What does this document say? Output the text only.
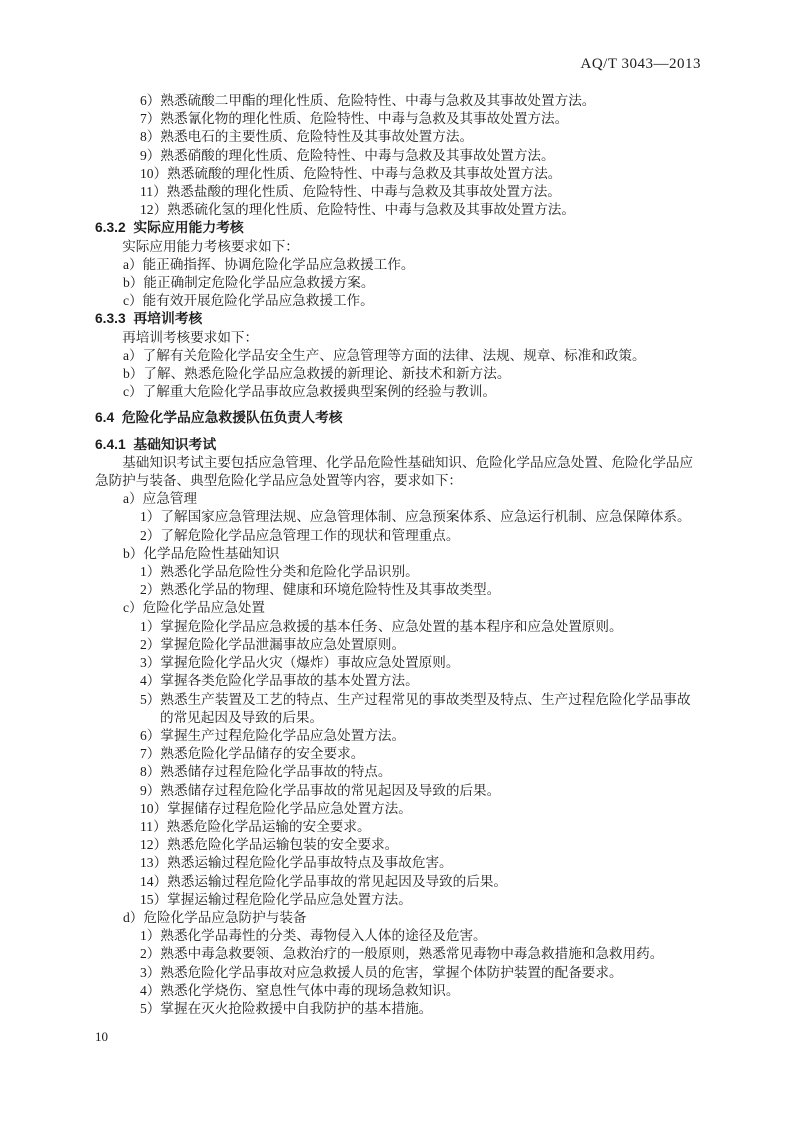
AQ/T 3043—2013
6）熟悉硫酸二甲酯的理化性质、危险特性、中毒与急救及其事故处置方法。
7）熟悉氰化物的理化性质、危险特性、中毒与急救及其事故处置方法。
8）熟悉电石的主要性质、危险特性及其事故处置方法。
9）熟悉硝酸的理化性质、危险特性、中毒与急救及其事故处置方法。
10）熟悉硫酸的理化性质、危险特性、中毒与急救及其事故处置方法。
11）熟悉盐酸的理化性质、危险特性、中毒与急救及其事故处置方法。
12）熟悉硫化氢的理化性质、危险特性、中毒与急救及其事故处置方法。
6.3.2  实际应用能力考核
实际应用能力考核要求如下：
a）能正确指挥、协调危险化学品应急救援工作。
b）能正确制定危险化学品应急救援方案。
c）能有效开展危险化学品应急救援工作。
6.3.3  再培训考核
再培训考核要求如下：
a）了解有关危险化学品安全生产、应急管理等方面的法律、法规、规章、标准和政策。
b）了解、熟悉危险化学品应急救援的新理论、新技术和新方法。
c）了解重大危险化学品事故应急救援典型案例的经验与教训。
6.4  危险化学品应急救援队伍负责人考核
6.4.1  基础知识考试
基础知识考试主要包括应急管理、化学品危险性基础知识、危险化学品应急处置、危险化学品应急防护与装备、典型危险化学品应急处置等内容，要求如下：
a）应急管理
1）了解国家应急管理法规、应急管理体制、应急预案体系、应急运行机制、应急保障体系。
2）了解危险化学品应急管理工作的现状和管理重点。
b）化学品危险性基础知识
1）熟悉化学品危险性分类和危险化学品识别。
2）熟悉化学品的物理、健康和环境危险特性及其事故类型。
c）危险化学品应急处置
1）掌握危险化学品应急救援的基本任务、应急处置的基本程序和应急处置原则。
2）掌握危险化学品泄漏事故应急处置原则。
3）掌握危险化学品火灾（爆炸）事故应急处置原则。
4）掌握各类危险化学品事故的基本处置方法。
5）熟悉生产装置及工艺的特点、生产过程常见的事故类型及特点、生产过程危险化学品事故的常见起因及导致的后果。
6）掌握生产过程危险化学品应急处置方法。
7）熟悉危险化学品储存的安全要求。
8）熟悉储存过程危险化学品事故的特点。
9）熟悉储存过程危险化学品事故的常见起因及导致的后果。
10）掌握储存过程危险化学品应急处置方法。
11）熟悉危险化学品运输的安全要求。
12）熟悉危险化学品运输包装的安全要求。
13）熟悉运输过程危险化学品事故特点及事故危害。
14）熟悉运输过程危险化学品事故的常见起因及导致的后果。
15）掌握运输过程危险化学品应急处置方法。
d）危险化学品应急防护与装备
1）熟悉化学品毒性的分类、毒物侵入人体的途径及危害。
2）熟悉中毒急救要领、急救治疗的一般原则，熟悉常见毒物中毒急救措施和急救用药。
3）熟悉危险化学品事故对应急救援人员的危害，掌握个体防护装置的配备要求。
4）熟悉化学烧伤、窒息性气体中毒的现场急救知识。
5）掌握在灭火抢险救援中自我防护的基本措施。
10
